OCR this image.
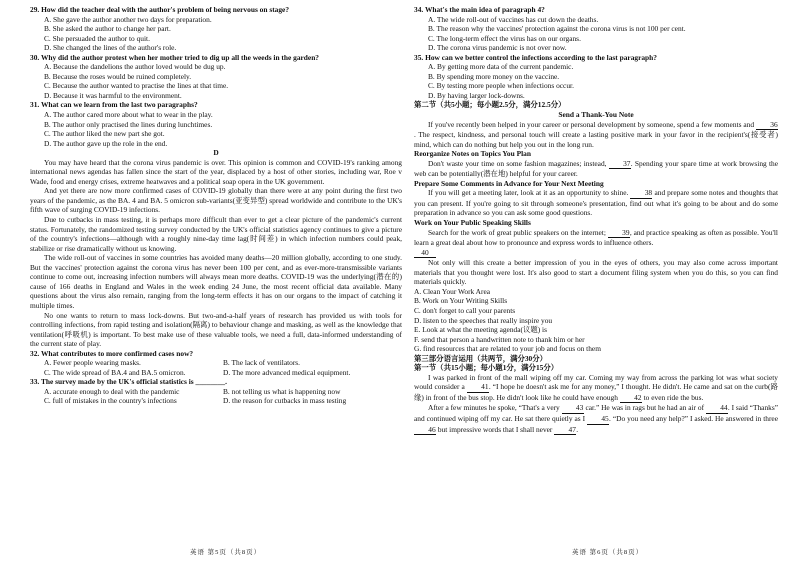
29. How did the teacher deal with the author's problem of being nervous on stage?
A. She gave the author another two days for preparation.
B. She asked the author to change her part.
C. She persuaded the author to quit.
D. She changed the lines of the author's role.
30. Why did the author protest when her mother tried to dig up all the weeds in the garden?
A. Because the dandelions the author loved would be dug up.
B. Because the roses would be ruined completely.
C. Because the author wanted to practise the lines at that time.
D. Because it was harmful to the environment.
31. What can we learn from the last two paragraphs?
A. The author cared more about what to wear in the play.
B. The author only practised the lines during lunchtimes.
C. The author liked the new part she got.
D. The author gave up the role in the end.
D
You may have heard that the corona virus pandemic is over. This opinion is common and COVID-19's ranking among international news agendas has fallen since the start of the year, displaced by a host of other stories, including war, Roe v Wade, food and energy crises, extreme heatwaves and a political soap opera in the UK government.
And yet there are now more confirmed cases of COVID-19 globally than there were at any point during the first two years of the pandemic, as the BA. 4 and BA. 5 omicron sub-variants(亚变异型) spread worldwide and contribute to the UK's fifth wave of surging COVID-19 infections.
Due to cutbacks in mass testing, it is perhaps more difficult than ever to get a clear picture of the pandemic's current status. Fortunately, the randomized testing survey conducted by the UK's official statistics agency continues to give a picture of the country's infections—although with a roughly nine-day time lag(时间差) in which infection numbers could peak, stabilize or rise dramatically without us knowing.
The wide roll-out of vaccines in some countries has avoided many deaths—20 million globally, according to one study. But the vaccines' protection against the corona virus has never been 100 per cent, and as ever-more-transmissible variants continue to come out, increasing infection numbers will always mean more deaths. COVID-19 was the underlying(潜在的) cause of 166 deaths in England and Wales in the week ending 24 June, the most recent official data available. Many questions about the virus also remain, ranging from the long-term effects it has on our organs to the impact of catching it multiple times.
No one wants to return to mass lock-downs. But two-and-a-half years of research has provided us with tools for controlling infections, from rapid testing and isolation(隔离) to behaviour change and masking, as well as the knowledge that ventilation(呼吸机) is important. To best make use of these valuable tools, we need a full, data-informed understanding of the current state of play.
32. What contributes to more confirmed cases now?
A. Fewer people wearing masks.	B. The lack of ventilators.
C. The wide spread of BA.4 and BA.5 omicron.	D. The more advanced medical equipment.
33. The survey made by the UK's official statistics is ________.
A. accurate enough to deal with the pandemic	B. not telling us what is happening now
C. full of mistakes in the country's infections	D. the reason for cutbacks in mass testing
英语 第5页（共8页）
34. What's the main idea of paragraph 4?
A. The wide roll-out of vaccines has cut down the deaths.
B. The reason why the vaccines' protection against the corona virus is not 100 per cent.
C. The long-term effect the virus has on our organs.
D. The corona virus pandemic is not over now.
35. How can we better control the infections according to the last paragraph?
A. By getting more data of the current pandemic.
B. By spending more money on the vaccine.
C. By testing more people when infections occur.
D. By having larger lock-downs.
第二节（共5小题；每小题2.5分，满分12.5分）
Send a Thank-You Note
If you've recently been helped in your career or personal development by someone, spend a few moments and 36. The respect, kindness, and personal touch will create a lasting positive mark in your favor in the recipient's(接受者) mind, which can do nothing but help you out in the long run.
Reorganize Notes on Topics You Plan
Don't waste your time on some fashion magazines; instead, 37. Spending your spare time at work browsing the web can be potentially(潜在地) helpful for your career.
Prepare Some Comments in Advance for Your Next Meeting
If you will get a meeting later, look at it as an opportunity to shine. 38 and prepare some notes and thoughts that you can present. If you're going to sit through someone's presentation, find out what it's going to be about and do some preparation in advance so you can ask some good questions.
Work on Your Public Speaking Skills
Search for the work of great public speakers on the internet; 39, and practice speaking as often as possible. You'll learn a great deal about how to pronounce and express words to influence others.
40
Not only will this create a better impression of you in the eyes of others, you may also come across important materials that you thought were lost. It's also good to start a document filing system when you do this, so you can find materials quickly.
A. Clean Your Work Area
B. Work on Your Writing Skills
C. don't forget to call your parents
D. listen to the speeches that really inspire you
E. Look at what the meeting agenda(议题) is
F. send that person a handwritten note to thank him or her
G. find resources that are related to your job and focus on them
第三部分语言运用（共两节，满分30分）
第一节（共15小题；每小题1分，满分15分）
I was parked in front of the mall wiping off my car. Coming my way from across the parking lot was what society would consider a 41. “I hope he doesn't ask me for any money,” I thought. He didn't. He came and sat on the curb(路缘) in front of the bus stop. He didn't look like he could have enough 42 to even ride the bus.
After a few minutes he spoke, “That's a very 43 car.” He was in rags but he had an air of 44. I said “Thanks” and continued wiping off my car. He sat there quietly as I 45. “Do you need any help?” I asked. He answered in three 46 but impressive words that I shall never 47.
英语 第6页（共8页）
